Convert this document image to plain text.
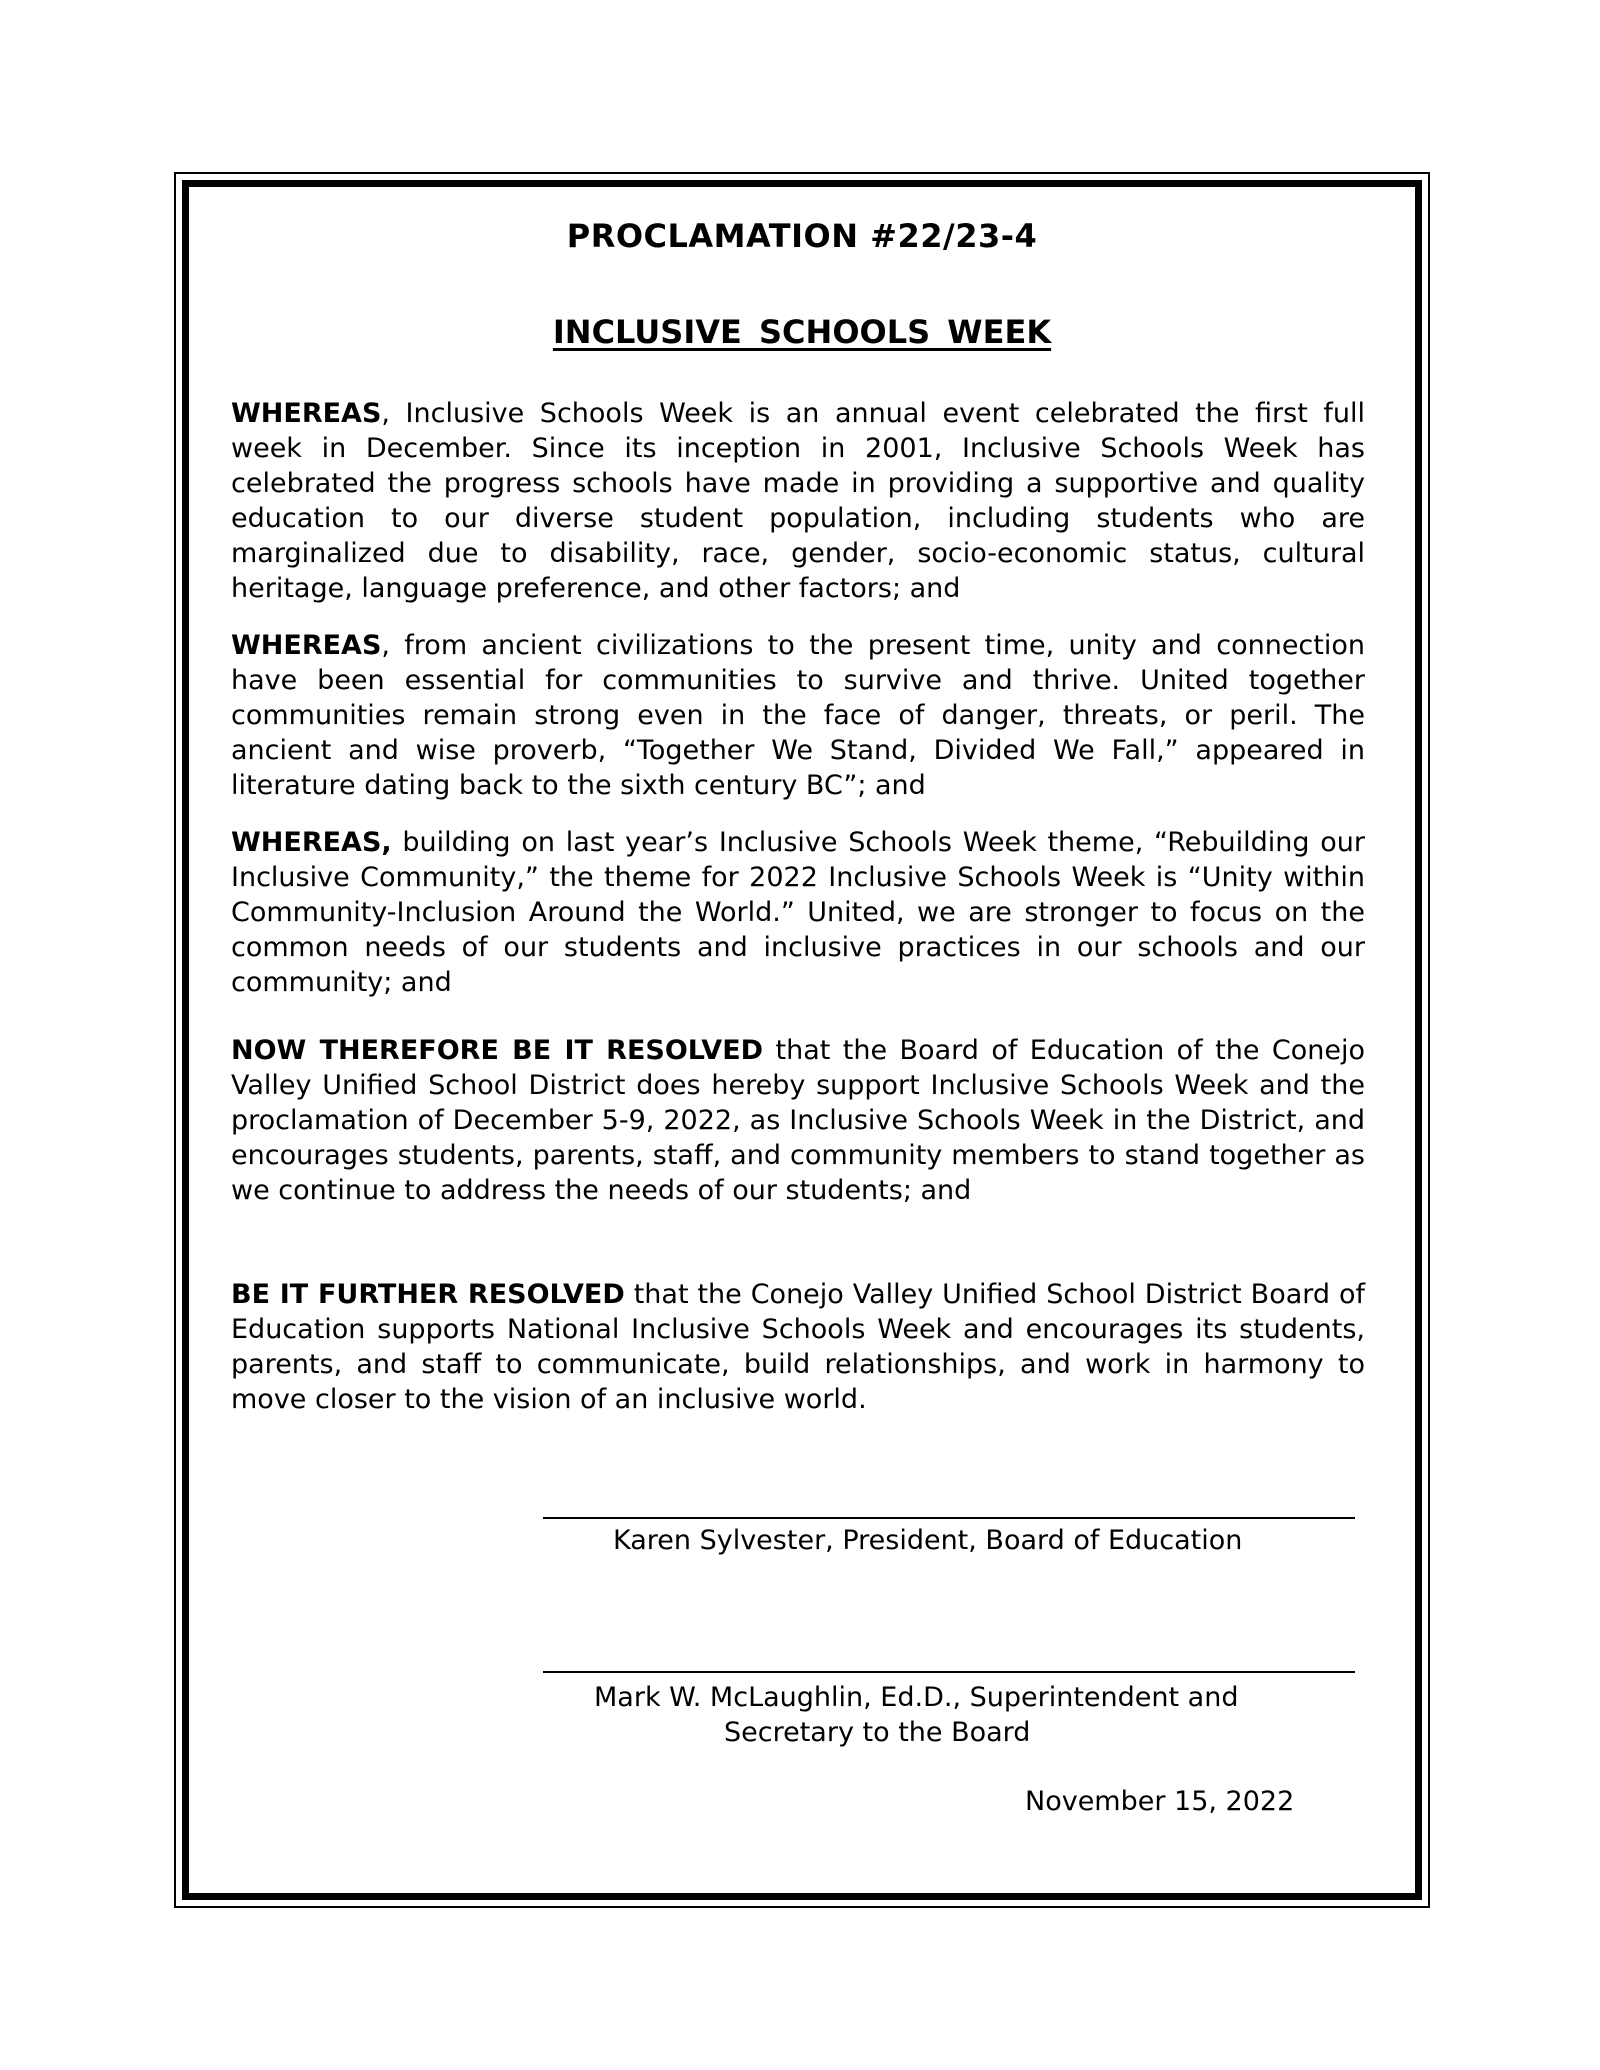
PROCLAMATION #22/23-4
INCLUSIVE SCHOOLS WEEK

WHEREAS, Inclusive Schools Week is an annual event celebrated the first full week in December. Since its inception in 2001, Inclusive Schools Week has celebrated the progress schools have made in providing a supportive and quality education to our diverse student population, including students who are marginalized due to disability, race, gender, socio-economic status, cultural heritage, language preference, and other factors; and

WHEREAS, from ancient civilizations to the present time, unity and connection have been essential for communities to survive and thrive. United together communities remain strong even in the face of danger, threats, or peril. The ancient and wise proverb, “Together We Stand, Divided We Fall,” appeared in literature dating back to the sixth century BC”; and

WHEREAS, building on last year’s Inclusive Schools Week theme, “Rebuilding our Inclusive Community,” the theme for 2022 Inclusive Schools Week is “Unity within Community-Inclusion Around the World.” United, we are stronger to focus on the common needs of our students and inclusive practices in our schools and our community; and

NOW THEREFORE BE IT RESOLVED that the Board of Education of the Conejo Valley Unified School District does hereby support Inclusive Schools Week and the proclamation of December 5-9, 2022, as Inclusive Schools Week in the District, and encourages students, parents, staff, and community members to stand together as we continue to address the needs of our students; and

BE IT FURTHER RESOLVED that the Conejo Valley Unified School District Board of Education supports National Inclusive Schools Week and encourages its students, parents, and staff to communicate, build relationships, and work in harmony to move closer to the vision of an inclusive world.

Karen Sylvester, President, Board of Education
Mark W. McLaughlin, Ed.D., Superintendent and
Secretary to the Board
November 15, 2022
